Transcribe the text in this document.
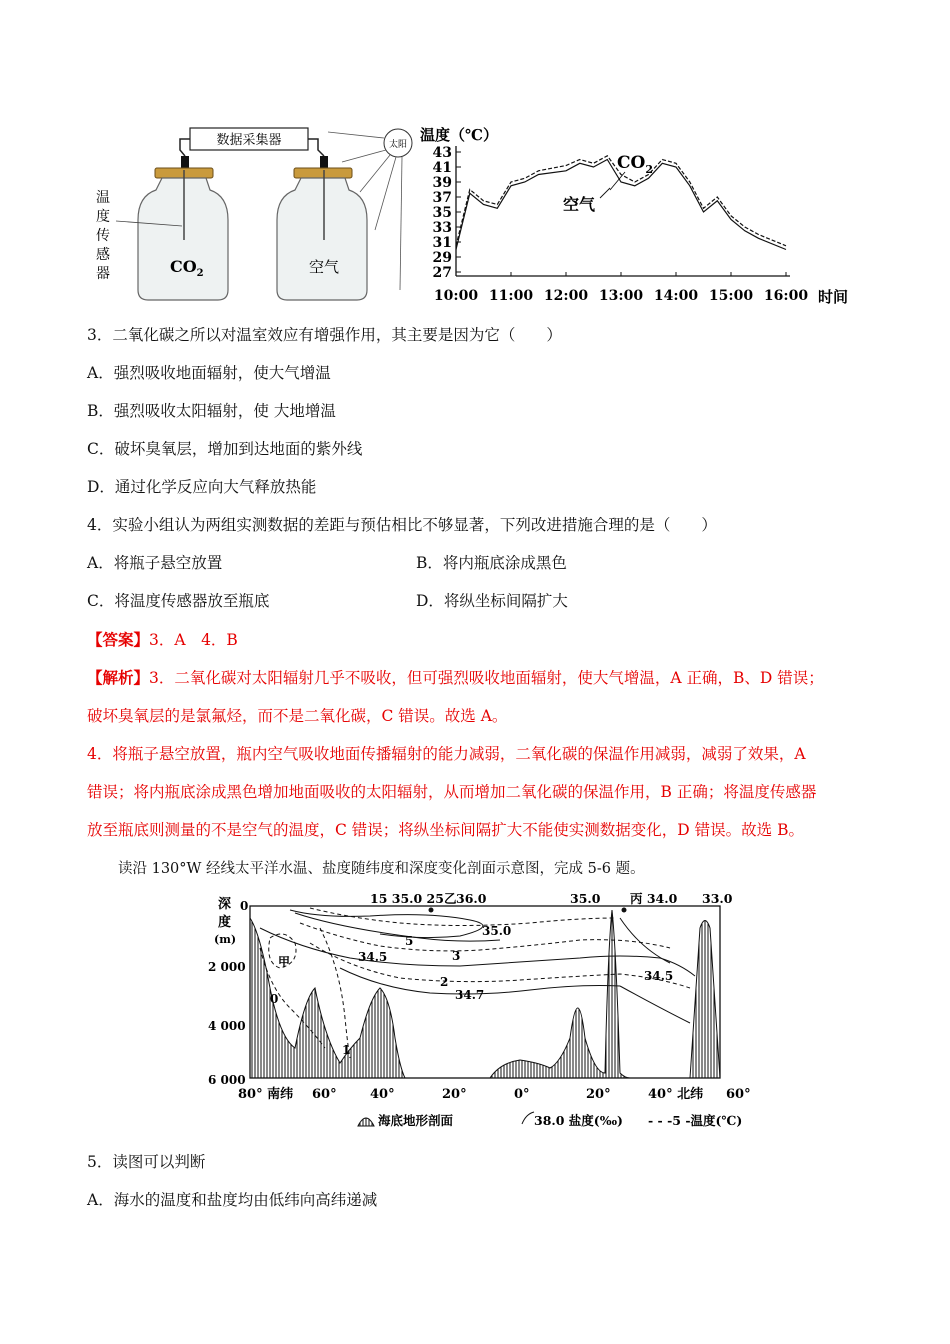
数据采集器	太阳
$CO_2$
温
度
传
感
器	空气
温度（℃）
时间
43
41
39
37
35
33
31
29
27
10:00 11:00 12:00 13:00 14:00 15:00 16:00
$CO_2$
空气
3．二氧化碳之所以对温室效应有增强作用，其主要是因为它（　　）
A．强烈吸收地面辐射，使大气增温
B．强烈吸收太阳辐射，使 大地增温
C．破坏臭氧层，增加到达地面的紫外线
D．通过化学反应向大气释放热能
4．实验小组认为两组实测数据的差距与预估相比不够显著，下列改进措施合理的是（　　）
A．将瓶子悬空放置	B．将内瓶底涂成黑色
C．将温度传感器放至瓶底	D．将纵坐标间隔扩大
【答案】3．A　4．B
【解析】3．二氧化碳对太阳辐射几乎不吸收，但可强烈吸收地面辐射，使大气增温，A 正确，B、D 错误；
破坏臭氧层的是氯氟烃，而不是二氧化碳，C 错误。故选 A。
4．将瓶子悬空放置，瓶内空气吸收地面传播辐射的能力减弱，二氧化碳的保温作用减弱，减弱了效果，A
错误；将内瓶底涂成黑色增加地面吸收的太阳辐射，从而增加二氧化碳的保温作用，B 正确；将温度传感器
放至瓶底则测量的不是空气的温度，C 错误；将纵坐标间隔扩大不能使实测数据变化，D 错误。故选 B。
读沿 130°W 经线太平洋水温、盐度随纬度和深度变化剖面示意图，完成 5-6 题。
深
度
(m)
0
2 000
4 000
6 000
15 35.0 25乙 36.0	35.0 丙 34.0 33.0
35.0
5
34.5	3
甲
2
34.7
0
1
34.5
80° 南纬 60°	40°	20°	0°	20°	40° 北纬 60°
海底地形剖面	38.0 盐度(‰) - - -5 -温度(℃)
5．读图可以判断
A．海水的温度和盐度均由低纬向高纬递减
